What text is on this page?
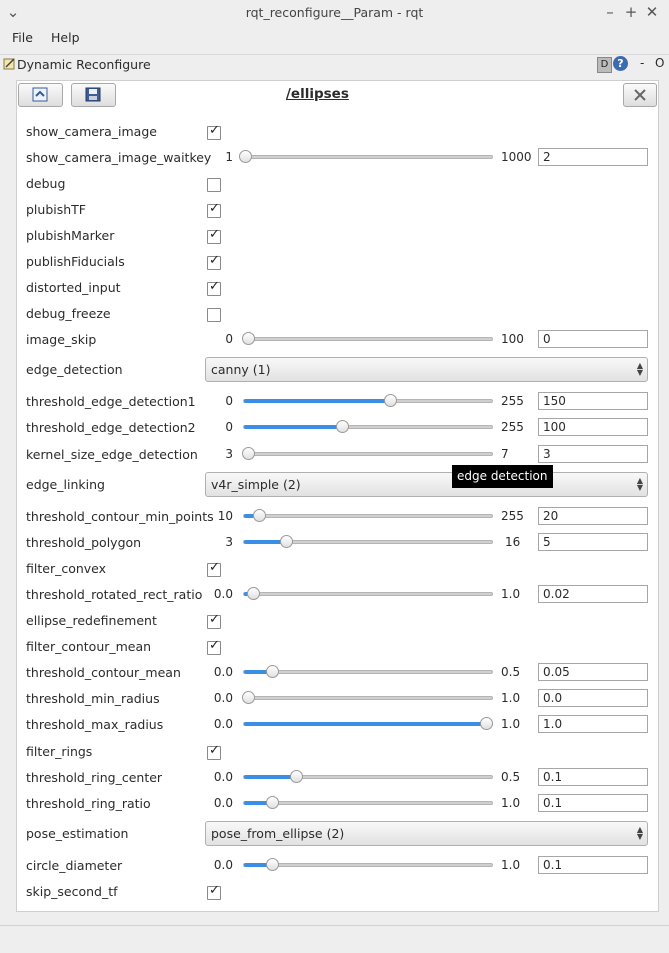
⌄	rqt_reconfigure__Param - rqt	– + ✕
File Help
Dynamic Reconfigure	D ?	- O
/ellipses
show_camera_image	✓
show_camera_image_waitkey	1	1000 2
debug
plubishTF	✓
plubishMarker	✓
publishFiducials	✓
distorted_input	✓
debug_freeze
image_skip	0	100	0
edge_detection	canny (1)	▲
▼
threshold_edge_detection1	0	255	150
threshold_edge_detection2	0	255	100
kernel_size_edge_detection	3	7	3
edge_linking	v4r_simple (2)	▲
▼
threshold_contour_min_points 10	255	20
threshold_polygon	3	16	5
filter_convex	✓
threshold_rotated_rect_ratio 0.0	1.0	0.02
ellipse_redefinement	✓
filter_contour_mean	✓
threshold_contour_mean	0.0	0.5	0.05
threshold_min_radius	0.0	1.0	0.0
threshold_max_radius	0.0	1.0	1.0
filter_rings	✓
threshold_ring_center	0.0	0.5	0.1
threshold_ring_ratio	0.0	1.0	0.1
pose_estimation	pose_from_ellipse (2)	▲
▼
circle_diameter	0.0	1.0	0.1
skip_second_tf	✓
edge detection
